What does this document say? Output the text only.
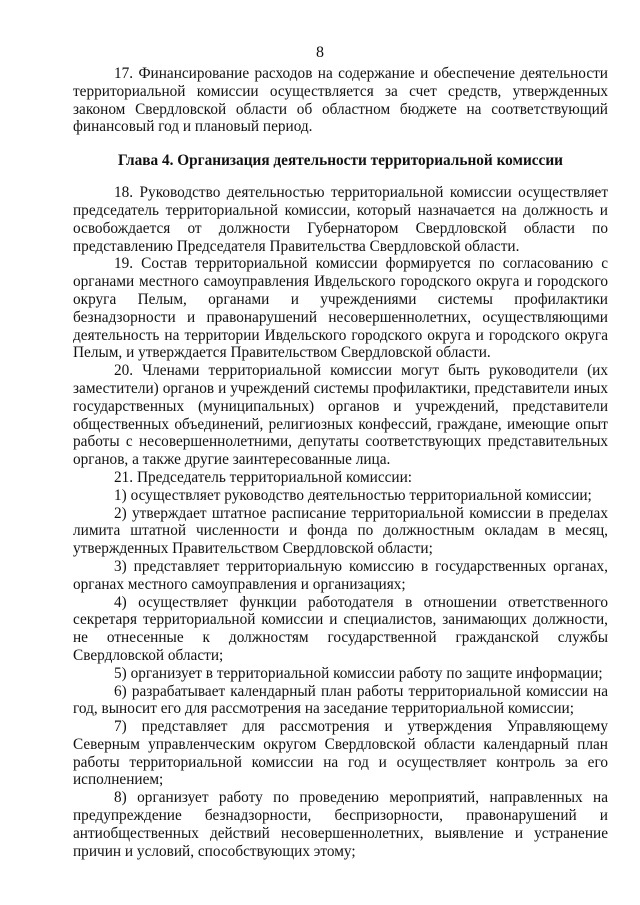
8

17. Финансирование расходов на содержание и обеспечение деятельности территориальной комиссии осуществляется за счет средств, утвержденных законом Свердловской области об областном бюджете на соответствующий финансовый год и плановый период.

Глава 4. Организация деятельности территориальной комиссии

18. Руководство деятельностью территориальной комиссии осуществляет председатель территориальной комиссии, который назначается на должность и освобождается от должности Губернатором Свердловской области по представлению Председателя Правительства Свердловской области.

19. Состав территориальной комиссии формируется по согласованию с органами местного самоуправления Ивдельского городского округа и городского округа Пелым, органами и учреждениями системы профилактики безнадзорности и правонарушений несовершеннолетних, осуществляющими деятельность на территории Ивдельского городского округа и городского округа Пелым, и утверждается Правительством Свердловской области.

20. Членами территориальной комиссии могут быть руководители (их заместители) органов и учреждений системы профилактики, представители иных государственных (муниципальных) органов и учреждений, представители общественных объединений, религиозных конфессий, граждане, имеющие опыт работы с несовершеннолетними, депутаты соответствующих представительных органов, а также другие заинтересованные лица.

21. Председатель территориальной комиссии:

1) осуществляет руководство деятельностью территориальной комиссии;

2) утверждает штатное расписание территориальной комиссии в пределах лимита штатной численности и фонда по должностным окладам в месяц, утвержденных Правительством Свердловской области;

3) представляет территориальную комиссию в государственных органах, органах местного самоуправления и организациях;

4) осуществляет функции работодателя в отношении ответственного секретаря территориальной комиссии и специалистов, занимающих должности, не отнесенные к должностям государственной гражданской службы Свердловской области;

5) организует в территориальной комиссии работу по защите информации;

6) разрабатывает календарный план работы территориальной комиссии на год, выносит его для рассмотрения на заседание территориальной комиссии;

7) представляет для рассмотрения и утверждения Управляющему Северным управленческим округом Свердловской области календарный план работы территориальной комиссии на год и осуществляет контроль за его исполнением;

8) организует работу по проведению мероприятий, направленных на предупреждение безнадзорности, беспризорности, правонарушений и антиобщественных действий несовершеннолетних, выявление и устранение причин и условий, способствующих этому;
